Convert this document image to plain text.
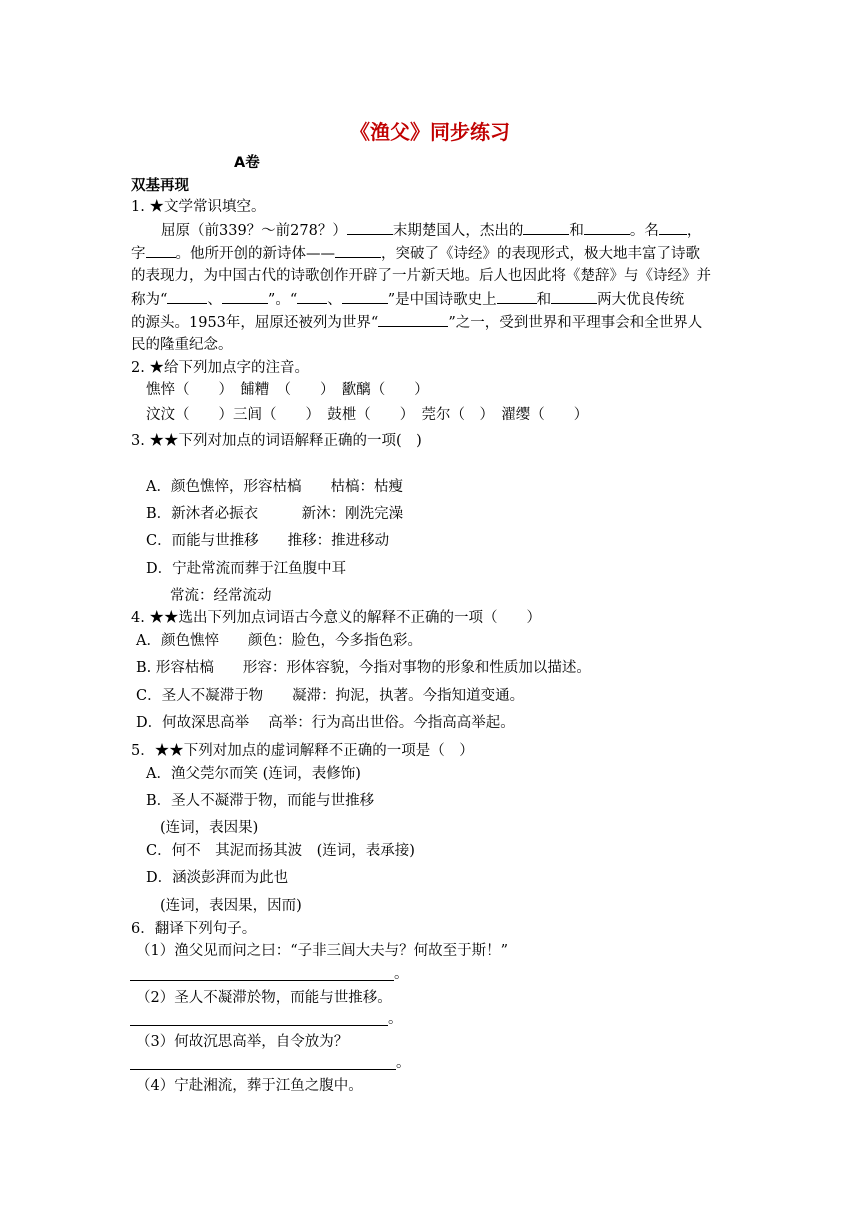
《渔父》同步练习
A卷
双基再现
1. ★文学常识填空。
屈原（前339？～前278？）	末期楚国人，杰出的	和	。名 ，
字 。他所开创的新诗体——	，突破了《诗经》的表现形式，极大地丰富了诗歌
的表现力，为中国古代的诗歌创作开辟了一片新天地。后人也因此将《楚辞》与《诗经》并
称为“	、	”。“ 、	”是中国诗歌史上	和	两大优良传统
的源头。1953年，屈原还被列为世界“	”之一，受到世界和平理事会和全世界人
民的隆重纪念。
2. ★给下列加点字的注音。
憔悴（　　）　 餔糟　（　　）　 歠醨（　　）
汶汶（　　）三闾（　　）　 鼓枻（　　）　 莞尔（　）　 濯缨（　　）
3. ★★下列对加点的词语解释正确的一项(　)
A．颜色憔悴，形容枯槁　　枯槁：枯瘦
B．新沐者必振衣　　　新沐：刚洗完澡
C．而能与世推移　　推移：推进移动
D．宁赴常流而葬于江鱼腹中耳
常流：经常流动
4. ★★选出下列加点词语古今意义的解释不正确的一项（　　）
A．颜色憔悴　　颜色：脸色，今多指色彩。
B. 形容枯槁　　形容：形体容貌，今指对事物的形象和性质加以描述。
C．圣人不凝滞于物　　凝滞：拘泥，执著。今指知道变通。
D．何故深思高举　 高举：行为高出世俗。今指高高举起。
5．★★下列对加点的虚词解释不正确的一项是（　）
A．渔父莞尔而笑 (连词，表修饰)
B．圣人不凝滞于物，而能与世推移
(连词，表因果)
C．何不　其泥而扬其波　(连词，表承接)
D．涵淡彭湃而为此也
(连词，表因果，因而)
6．翻译下列句子。
（1）渔父见而问之曰：“子非三闾大夫与？何故至于斯！”
。
（2）圣人不凝滞於物，而能与世推移。
。
（3）何故沉思高举，自令放为？
。
（4）宁赴湘流，葬于江鱼之腹中。
